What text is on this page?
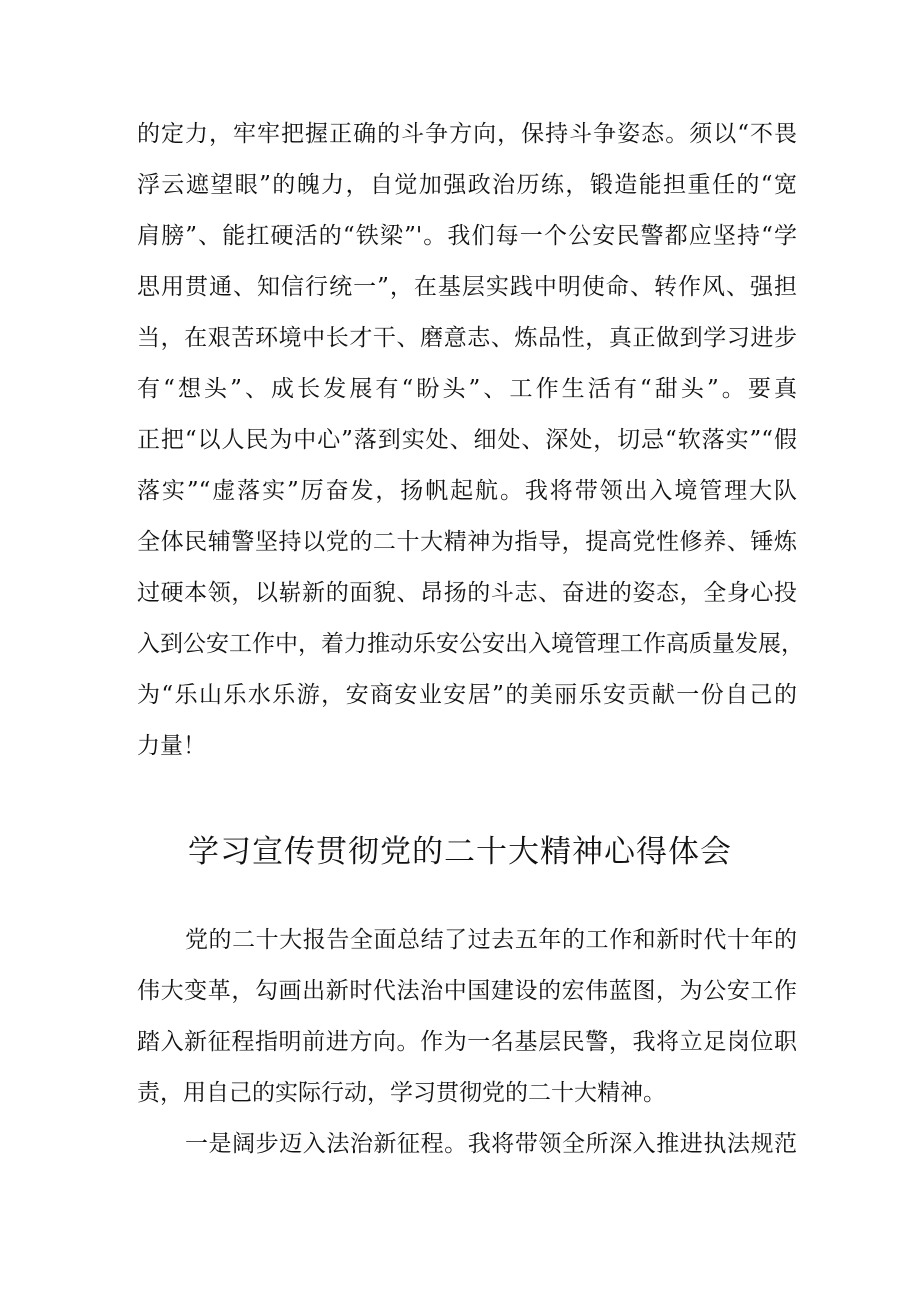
的定力，牢牢把握正确的斗争方向，保持斗争姿态。须以“不畏
浮云遮望眼”的魄力，自觉加强政治历练，锻造能担重任的“宽
肩膀”、能扛硬活的“铁梁”'。我们每一个公安民警都应坚持“学
思用贯通、知信行统一”，在基层实践中明使命、转作风、强担
当，在艰苦环境中长才干、磨意志、炼品性，真正做到学习进步
有“想头”、成长发展有“盼头”、工作生活有“甜头”。要真
正把“以人民为中心”落到实处、细处、深处，切忌“软落实”“假
落实”“虚落实”厉奋发，扬帆起航。我将带领出入境管理大队
全体民辅警坚持以党的二十大精神为指导，提高党性修养、锤炼
过硬本领，以崭新的面貌、昂扬的斗志、奋进的姿态，全身心投
入到公安工作中，着力推动乐安公安出入境管理工作高质量发展，
为“乐山乐水乐游，安商安业安居”的美丽乐安贡献一份自己的
力量！
学习宣传贯彻党的二十大精神心得体会
党的二十大报告全面总结了过去五年的工作和新时代十年的
伟大变革，勾画出新时代法治中国建设的宏伟蓝图，为公安工作
踏入新征程指明前进方向。作为一名基层民警，我将立足岗位职
责，用自己的实际行动，学习贯彻党的二十大精神。
一是阔步迈入法治新征程。我将带领全所深入推进执法规范
